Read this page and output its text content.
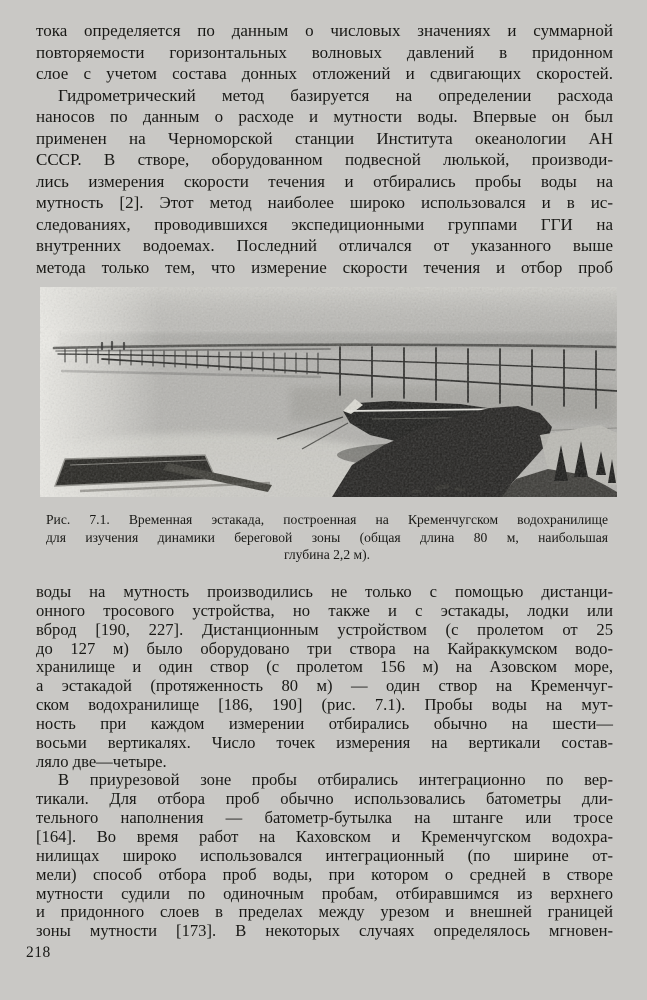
тока определяется по данным о числовых значениях и суммарной
повторяемости горизонтальных волновых давлений в придонном
слое с учетом состава донных отложений и сдвигающих скоростей.
Гидрометрический метод базируется на определении расхода
наносов по данным о расходе и мутности воды. Впервые он был
применен на Черноморской станции Института океанологии АН
СССР. В створе, оборудованном подвесной люлькой, производи-
лись измерения скорости течения и отбирались пробы воды на
мутность [2]. Этот метод наиболее широко использовался и в ис-
следованиях, проводившихся экспедиционными группами ГГИ на
внутренних водоемах. Последний отличался от указанного выше
метода только тем, что измерение скорости течения и отбор проб
Рис. 7.1. Временная эстакада, построенная на Кременчугском водохранилище
для изучения динамики береговой зоны (общая длина 80 м, наибольшая
глубина 2,2 м).
воды на мутность производились не только с помощью дистанци-
онного тросового устройства, но также и с эстакады, лодки или
вброд [190, 227]. Дистанционным устройством (с пролетом от 25
до 127 м) было оборудовано три створа на Кайраккумском водо-
хранилище и один створ (с пролетом 156 м) на Азовском море,
а эстакадой (протяженность 80 м) — один створ на Кременчуг-
ском водохранилище [186, 190] (рис. 7.1). Пробы воды на мут-
ность при каждом измерении отбирались обычно на шести—
восьми вертикалях. Число точек измерения на вертикали состав-
ляло две—четыре.
В приурезовой зоне пробы отбирались интеграционно по вер-
тикали. Для отбора проб обычно использовались батометры дли-
тельного наполнения — батометр-бутылка на штанге или тросе
[164]. Во время работ на Каховском и Кременчугском водохра-
нилищах широко использовался интеграционный (по ширине от-
мели) способ отбора проб воды, при котором о средней в створе
мутности судили по одиночным пробам, отбиравшимся из верхнего
и придонного слоев в пределах между урезом и внешней границей
зоны мутности [173]. В некоторых случаях определялось мгновен-
218
